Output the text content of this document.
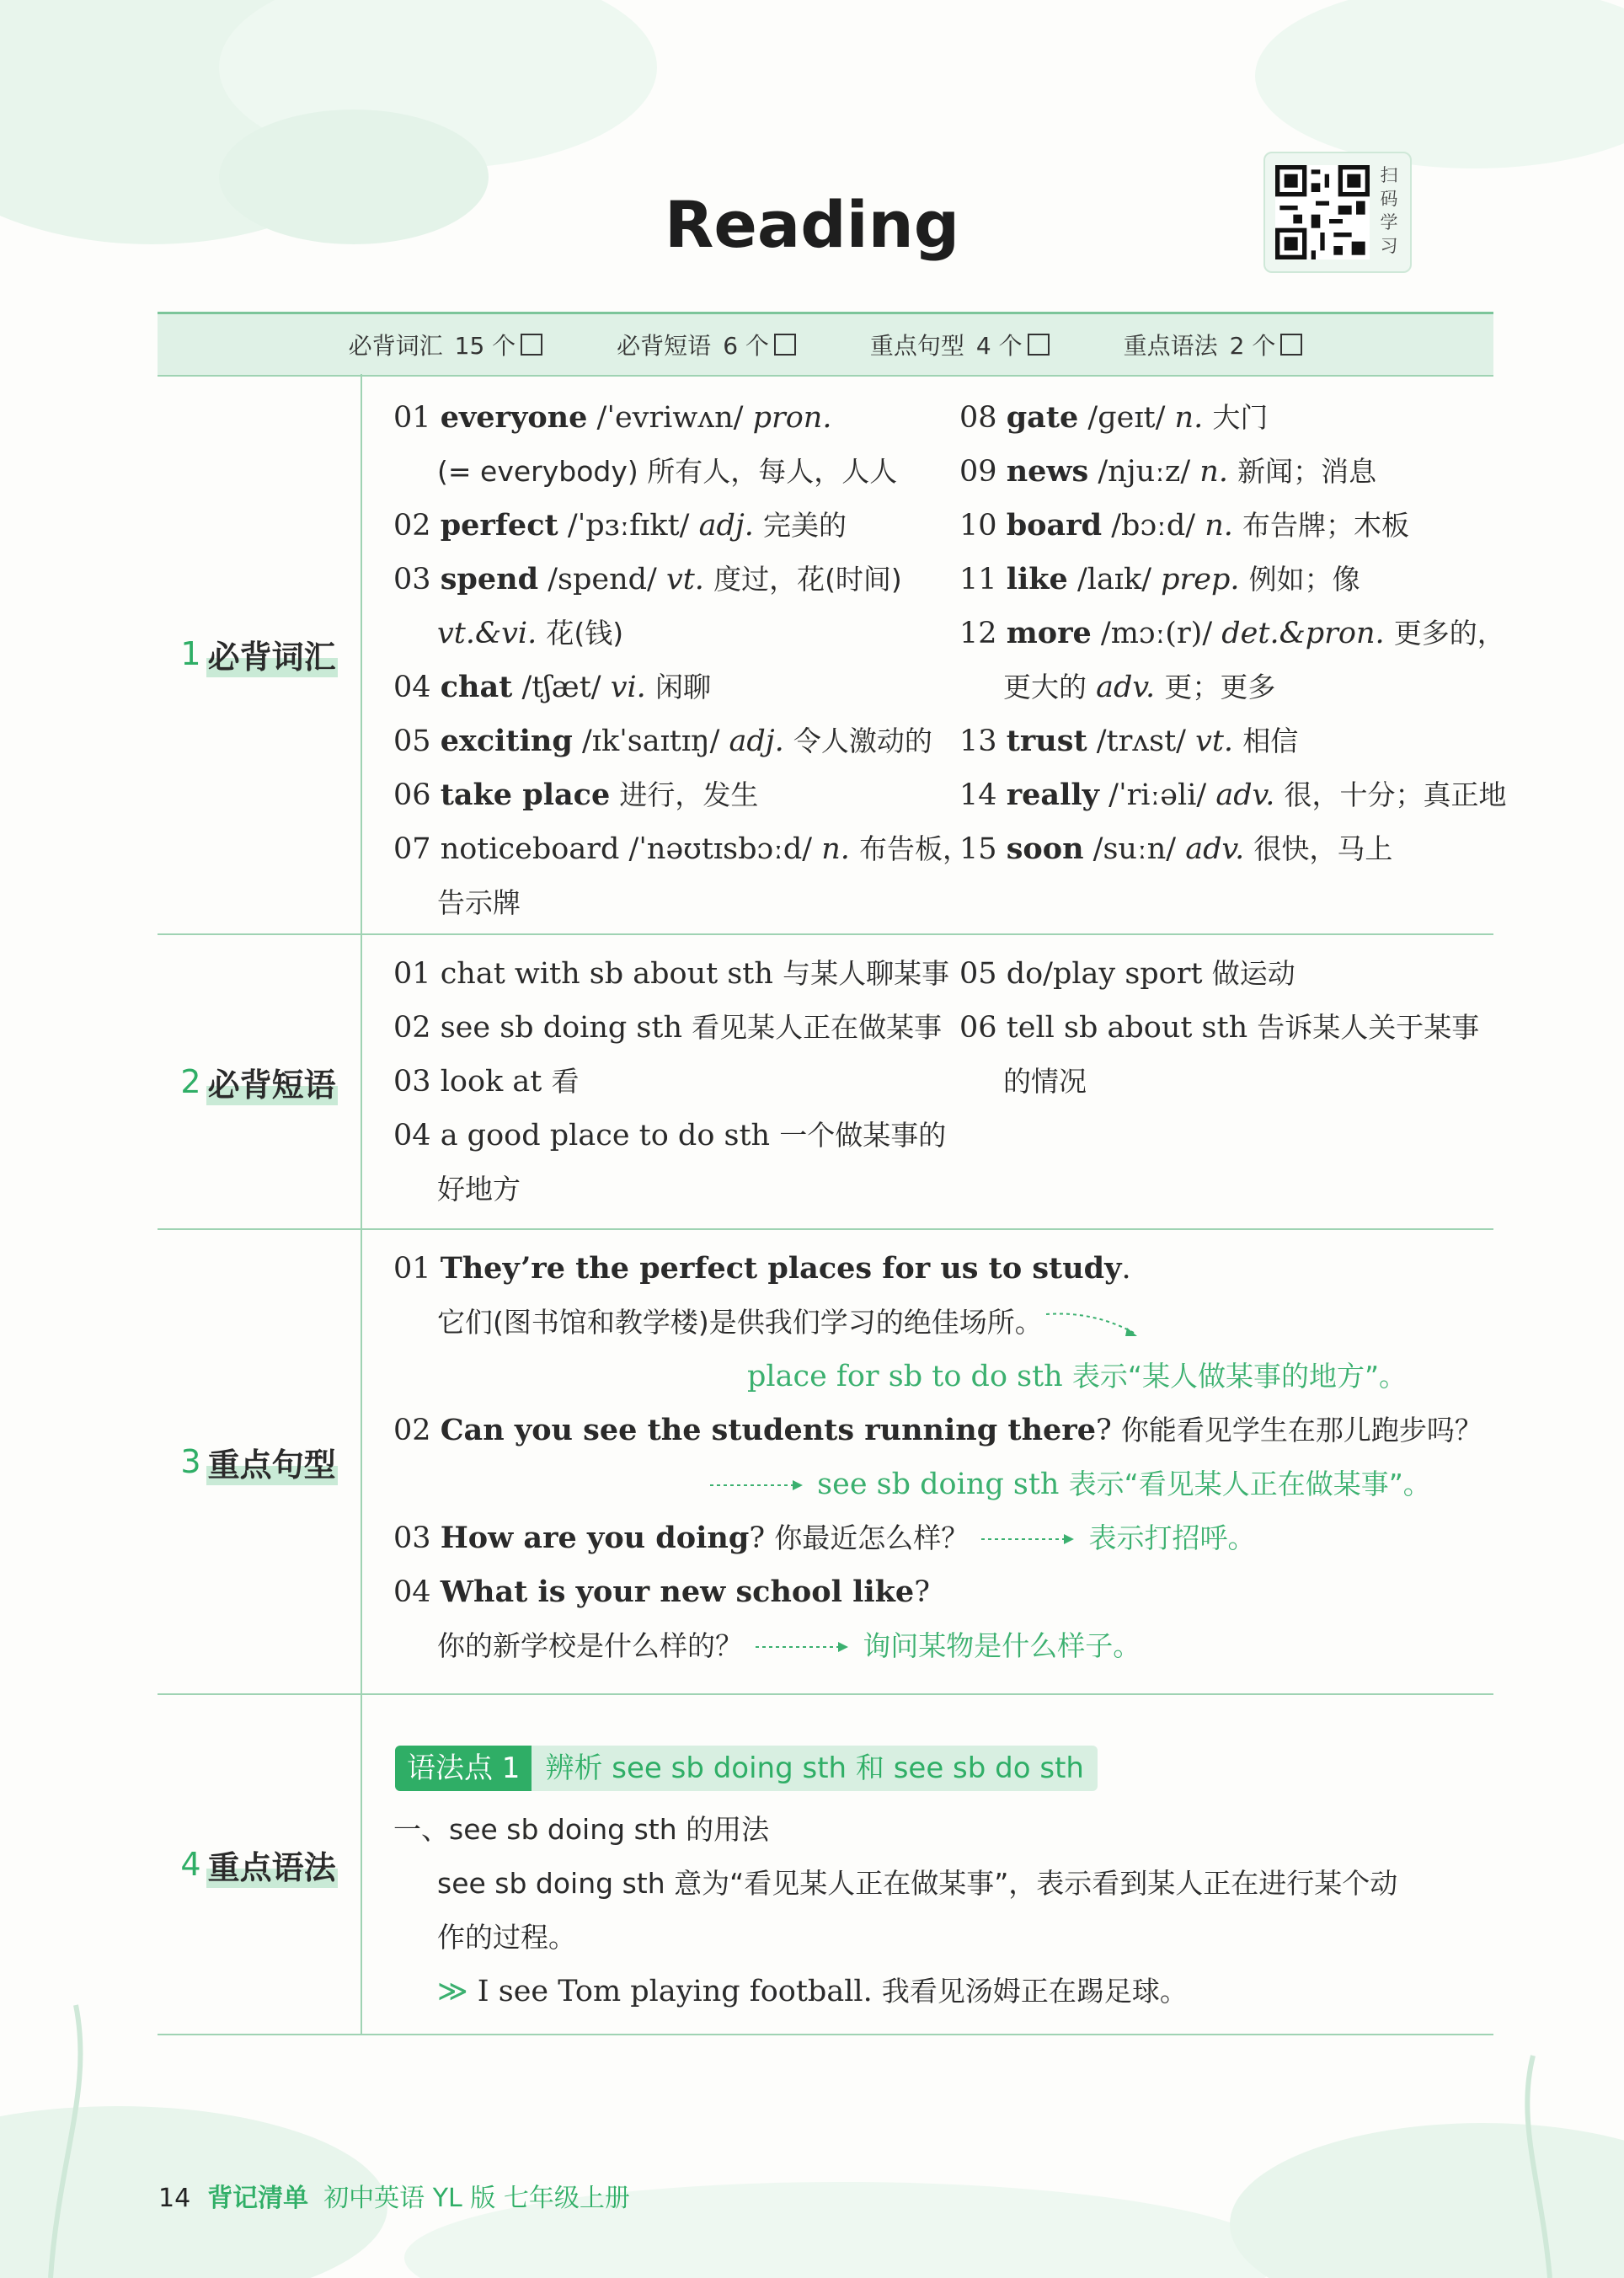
Reading
扫码学习
必背词汇 15 个	必背短语 6 个	重点句型 4 个	重点语法 2 个
1 必背词汇
01 everyone /ˈevriwʌn/ pron.
(= everybody) 所有人，每人，人人
02 perfect /ˈpɜːfɪkt/ adj. 完美的
03 spend /spend/ vt. 度过，花(时间)
vt.&vi. 花(钱)
04 chat /tʃæt/ vi. 闲聊
05 exciting /ɪkˈsaɪtɪŋ/ adj. 令人激动的
06 take place 进行，发生
07 noticeboard /ˈnəʊtɪsbɔːd/ n. 布告板，
告示牌
08 gate /ɡeɪt/ n. 大门
09 news /njuːz/ n. 新闻；消息
10 board /bɔːd/ n. 布告牌；木板
11 like /laɪk/ prep. 例如；像
12 more /mɔː(r)/ det.&pron. 更多的，
更大的 adv. 更；更多
13 trust /trʌst/ vt. 相信
14 really /ˈriːəli/ adv. 很，十分；真正地
15 soon /suːn/ adv. 很快，马上
2 必背短语
01 chat with sb about sth 与某人聊某事
02 see sb doing sth 看见某人正在做某事
03 look at 看
04 a good place to do sth 一个做某事的
好地方
05 do/play sport 做运动
06 tell sb about sth 告诉某人关于某事
的情况
3 重点句型
01 They’re the perfect places for us to study.
它们(图书馆和教学楼)是供我们学习的绝佳场所。
place for sb to do sth 表示“某人做某事的地方”。
02 Can you see the students running there? 你能看见学生在那儿跑步吗？
see sb doing sth 表示“看见某人正在做某事”。
03 How are you doing? 你最近怎么样？	表示打招呼。
04 What is your new school like?
你的新学校是什么样的？	询问某物是什么样子。
4 重点语法
语法点 1 辨析 see sb doing sth 和 see sb do sth
一、see sb doing sth 的用法
see sb doing sth 意为“看见某人正在做某事”，表示看到某人正在进行某个动
作的过程。
≫ I see Tom playing football. 我看见汤姆正在踢足球。
14 背记清单 初中英语 YL 版 七年级上册
